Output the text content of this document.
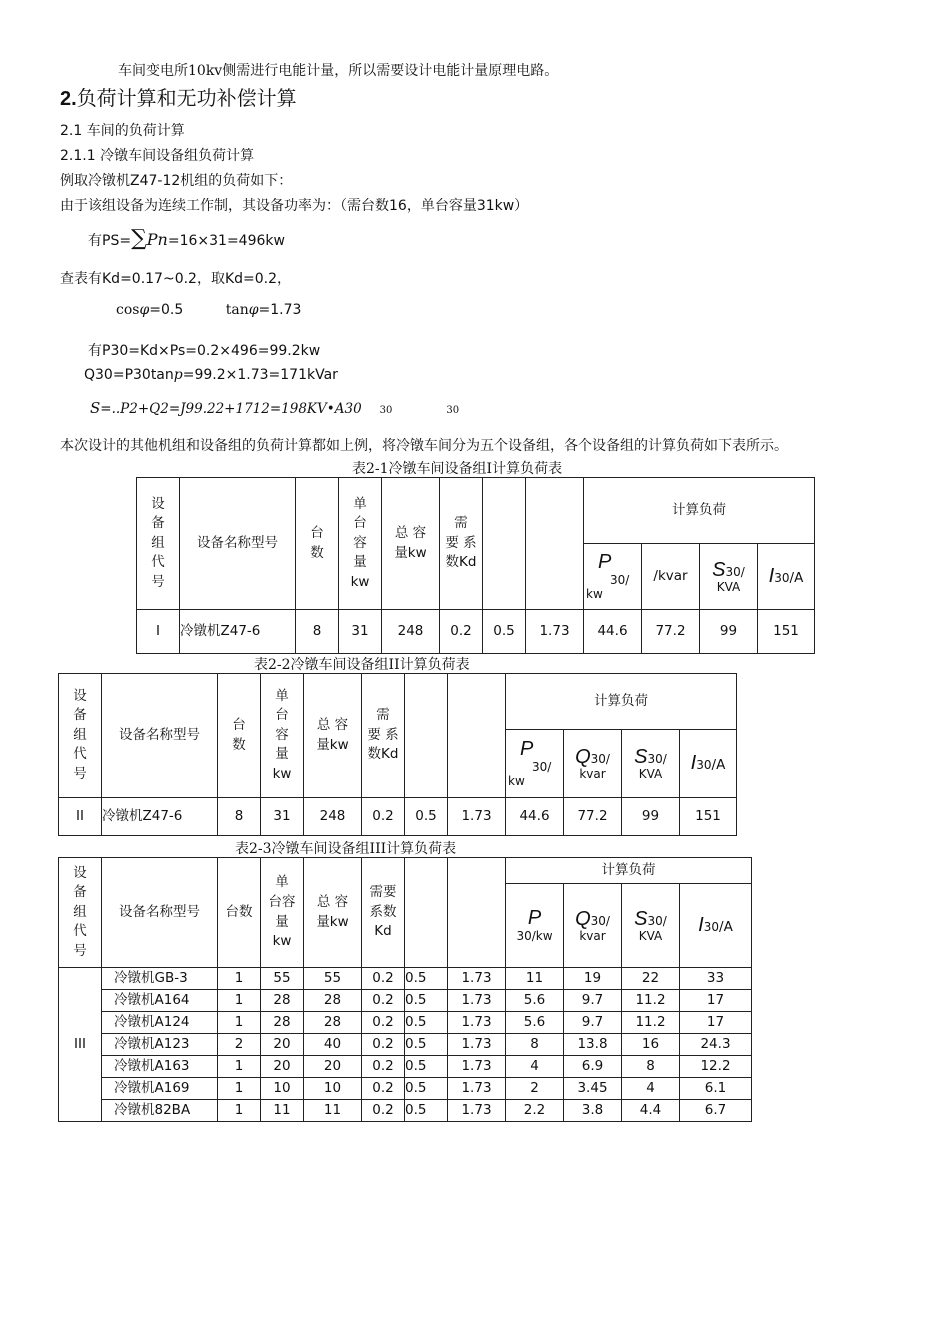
车间变电所10kv侧需进行电能计量，所以需要设计电能计量原理电路。
2.负荷计算和无功补偿计算
2.1 车间的负荷计算
2.1.1 冷镦车间设备组负荷计算
例取冷镦机Z47-12机组的负荷如下：
由于该组设备为连续工作制，其设备功率为：（需台数16，单台容量31kw）
有PS=∑Pn=16×31=496kw
查表有Kd=0.17~0.2，取Kd=0.2，
cosφ=0.5	tanφ=1.73
有P30=Kd×Ps=0.2×496=99.2kw
Q30=P30tanp=99.2×1.73=171kVar
S=..P2+Q2=J99.22+1712=198KV•A30 30	30
本次设计的其他机组和设备组的负荷计算都如上例，将冷镦车间分为五个设备组，各个设备组的计算负荷如下表所示。
表2-1冷镦车间设备组I计算负荷表
设
备
组
代
号	设备名称型号	台
数	单
台
容
量
kw	总 容
量kw	需
要 系
数Kd			计算负荷			

								P
30/
kw	/kvar	S30/
KVA	I30/A
I	冷镦机Z47-6	8	31	248	0.2	0.5	1.73	44.6	77.2	99	151
表2-2冷镦车间设备组II计算负荷表
设
备
组
代
号	设备名称型号	台
数	单
台
容
量
kw	总 容
量kw	需
要 系
数Kd			计算负荷			

								P
30/
kw	Q30/
kvar	S30/
KVA	I30/A
II	冷镦机Z47-6	8	31	248	0.2	0.5	1.73	44.6	77.2	99	151
表2-3冷镦车间设备组III计算负荷表
设
备
组
代
号	设备名称型号	台数	单
台容
量
kw	总 容
量kw	需要
系数
Kd			计算负荷			

								P
30/kw	Q30/
kvar	S30/
KVA	I30/A
III	冷镦机GB-3	1	55	55	0.2	0.5	1.73	11	19	22	33
	冷镦机A164	1	28	28	0.2	0.5	1.73	5.6	9.7	11.2	17
	冷镦机A124	1	28	28	0.2	0.5	1.73	5.6	9.7	11.2	17
	冷镦机A123	2	20	40	0.2	0.5	1.73	8	13.8	16	24.3
	冷镦机A163	1	20	20	0.2	0.5	1.73	4	6.9	8	12.2
	冷镦机A169	1	10	10	0.2	0.5	1.73	2	3.45	4	6.1
	冷镦机82BA	1	11	11	0.2	0.5	1.73	2.2	3.8	4.4	6.7
